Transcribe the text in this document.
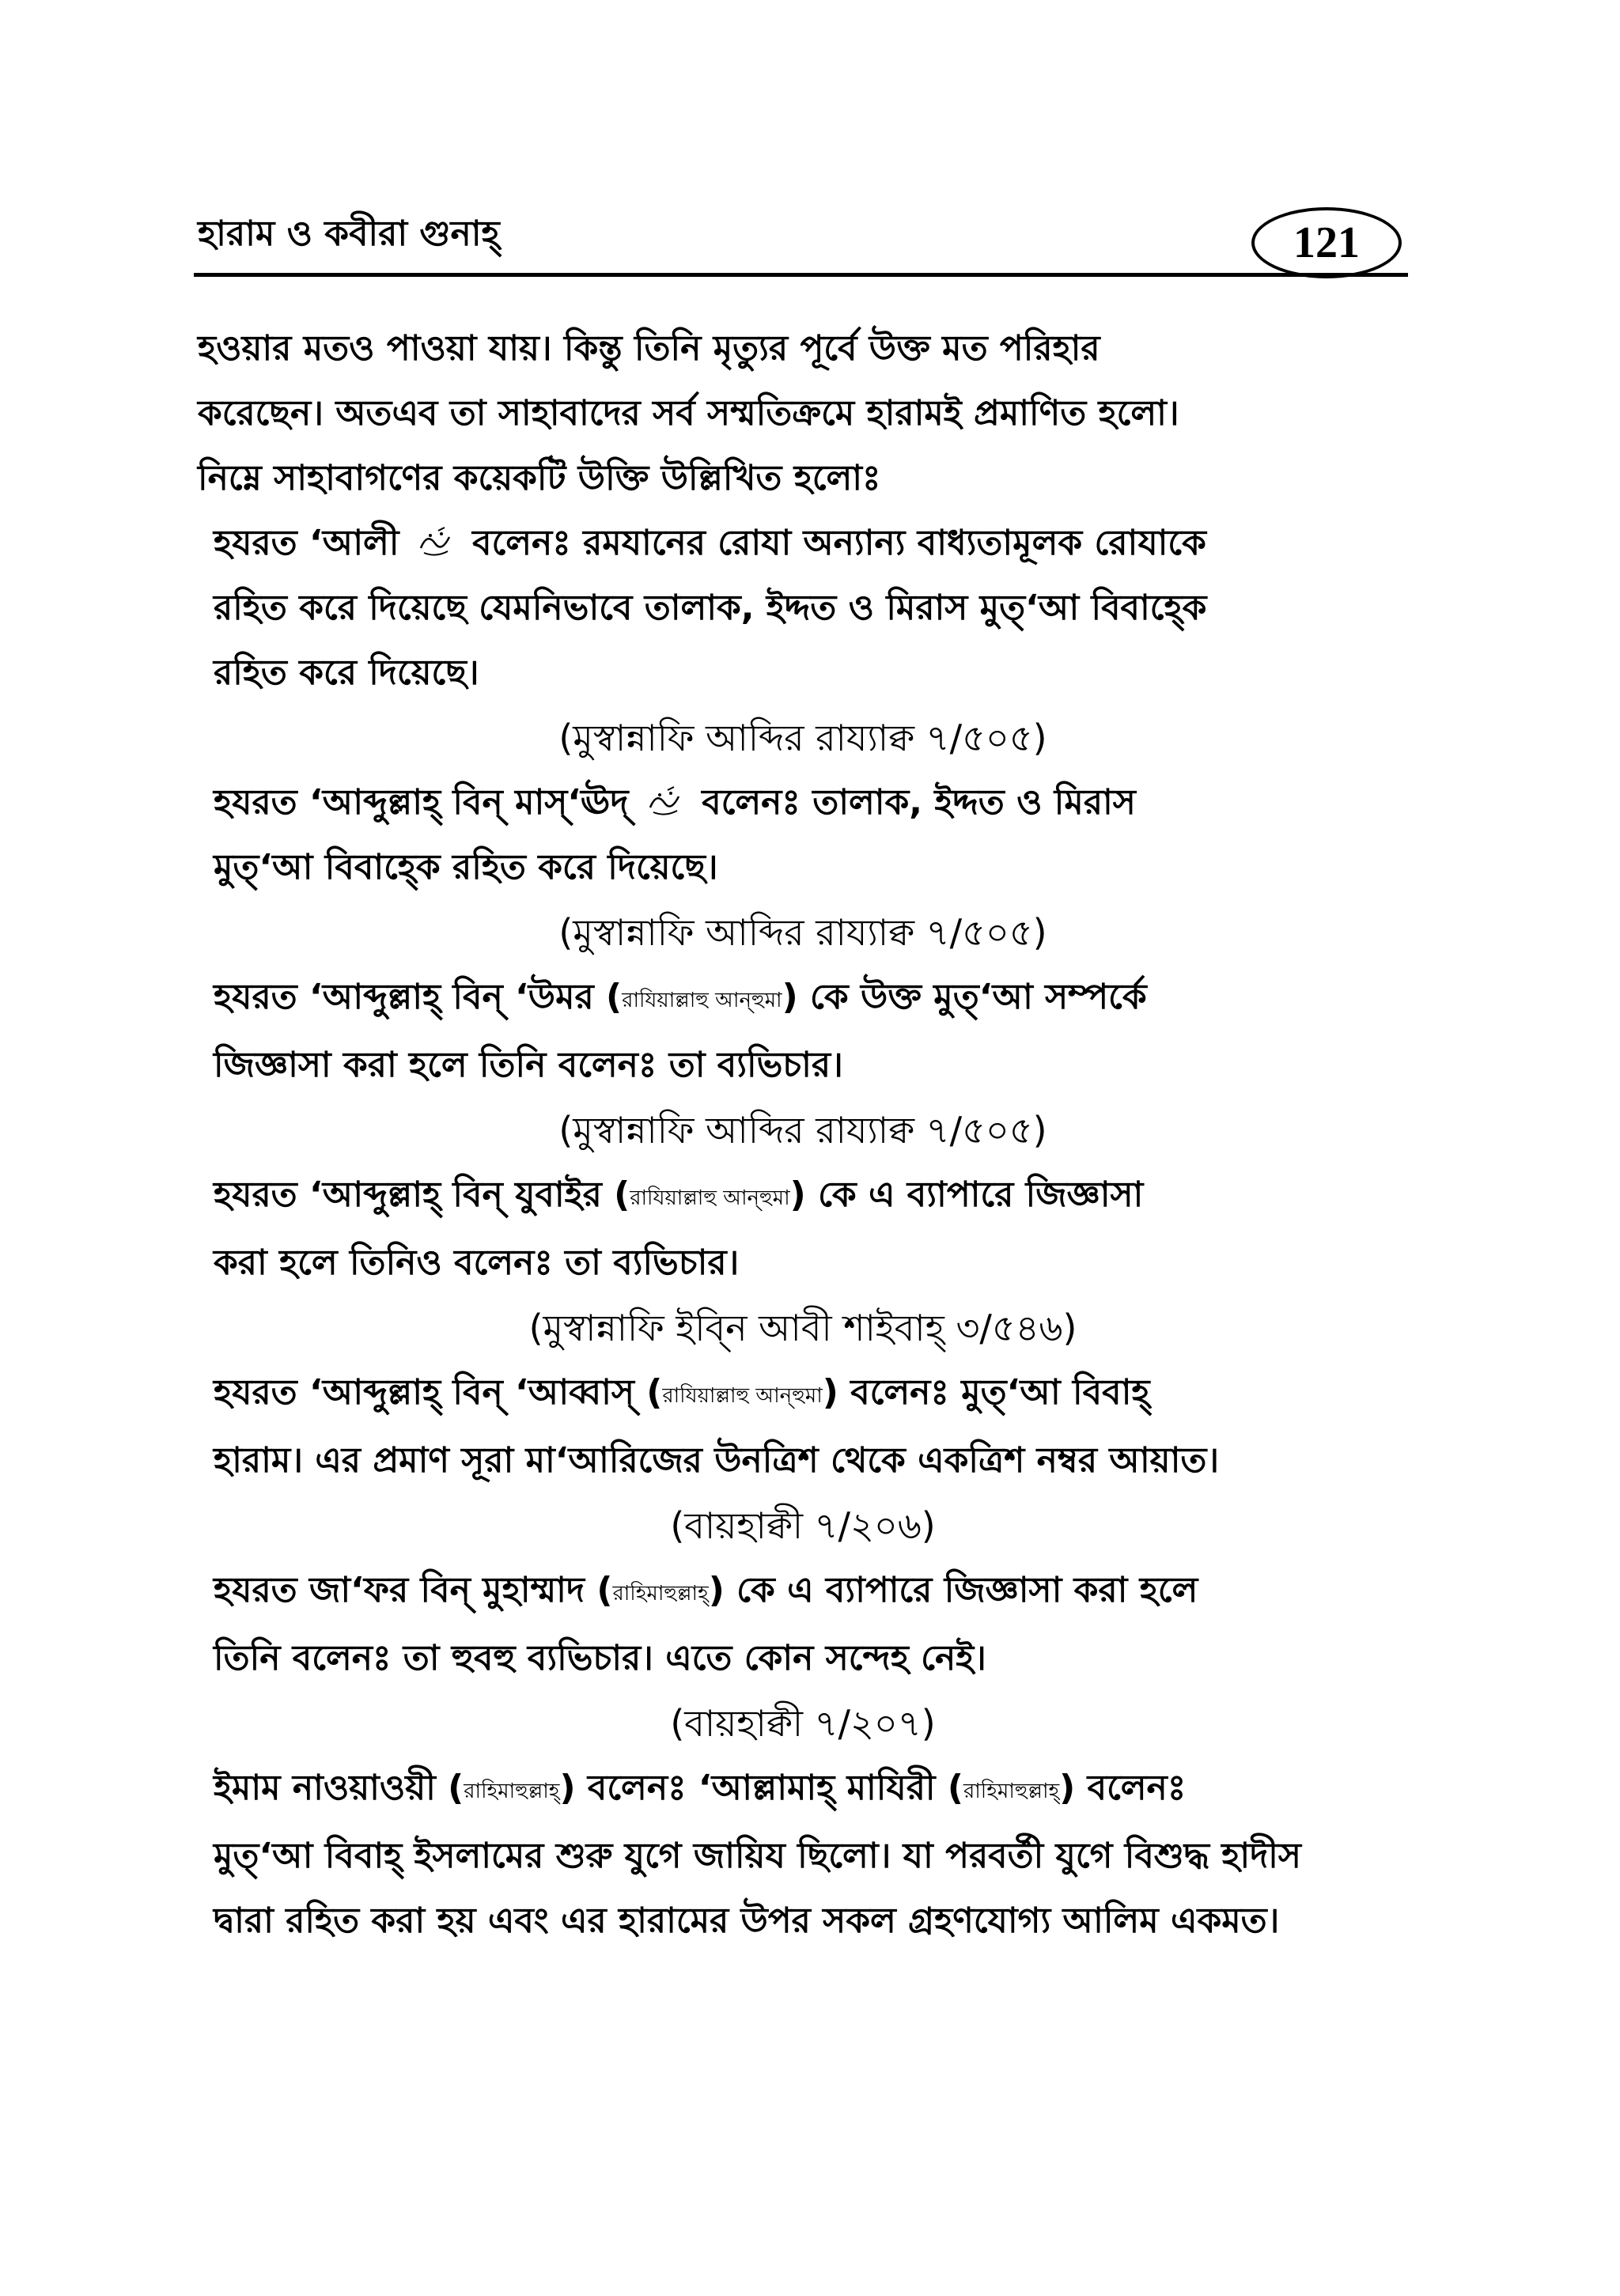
হারাম ও কবীরা গুনাহ্	121

হওয়ার মতও পাওয়া যায়। কিন্তু তিনি মৃত্যুর পূর্বে উক্ত মত পরিহার
করেছেন। অতএব তা সাহাবাদের সর্ব সম্মতিক্রমে হারামই প্রমাণিত হলো।
নিম্নে সাহাবাগণের কয়েকটি উক্তি উল্লিখিত হলোঃ

হযরত ‘আলী বলেনঃ রমযানের রোযা অন্যান্য বাধ্যতামূলক রোযাকে
রহিত করে দিয়েছে যেমনিভাবে তালাক, ইদ্দত ও মিরাস মুত্‘আ বিবাহ্কে
রহিত করে দিয়েছে।

(মুস্বান্নাফি আব্দির রায্যাক্ব ৭/৫০৫)

হযরত ‘আব্দুল্লাহ্ বিন্ মাস্‘ঊদ্ বলেনঃ তালাক, ইদ্দত ও মিরাস
মুত্‘আ বিবাহ্কে রহিত করে দিয়েছে।

(মুস্বান্নাফি আব্দির রায্যাক্ব ৭/৫০৫)

হযরত ‘আব্দুল্লাহ্ বিন্ ‘উমর (রাযিয়াল্লাহু আন্হুমা) কে উক্ত মুত্‘আ সম্পর্কে
জিজ্ঞাসা করা হলে তিনি বলেনঃ তা ব্যভিচার।

(মুস্বান্নাফি আব্দির রায্যাক্ব ৭/৫০৫)

হযরত ‘আব্দুল্লাহ্ বিন্ যুবাইর (রাযিয়াল্লাহু আন্হুমা) কে এ ব্যাপারে জিজ্ঞাসা
করা হলে তিনিও বলেনঃ তা ব্যভিচার।

(মুস্বান্নাফি ইব্নি আবী শাইবাহ্ ৩/৫৪৬)

হযরত ‘আব্দুল্লাহ্ বিন্ ‘আব্বাস্ (রাযিয়াল্লাহু আন্হুমা) বলেনঃ মুত্‘আ বিবাহ্
হারাম। এর প্রমাণ সূরা মা‘আরিজের উনত্রিশ থেকে একত্রিশ নম্বর আয়াত।

(বায়হাক্বী ৭/২০৬)

হযরত জা‘ফর বিন্ মুহাম্মাদ (রাহিমাহুল্লাহ্) কে এ ব্যাপারে জিজ্ঞাসা করা হলে
তিনি বলেনঃ তা হুবহু ব্যভিচার। এতে কোন সন্দেহ নেই।

(বায়হাক্বী ৭/২০৭)

ইমাম নাওয়াওয়ী (রাহিমাহুল্লাহ্) বলেনঃ ‘আল্লামাহ্ মাযিরী (রাহিমাহুল্লাহ্) বলেনঃ
মুত্‘আ বিবাহ্ ইসলামের শুরু যুগে জায়িয ছিলো। যা পরবর্তী যুগে বিশুদ্ধ হাদীস
দ্বারা রহিত করা হয় এবং এর হারামের উপর সকল গ্রহণযোগ্য আলিম একমত।
